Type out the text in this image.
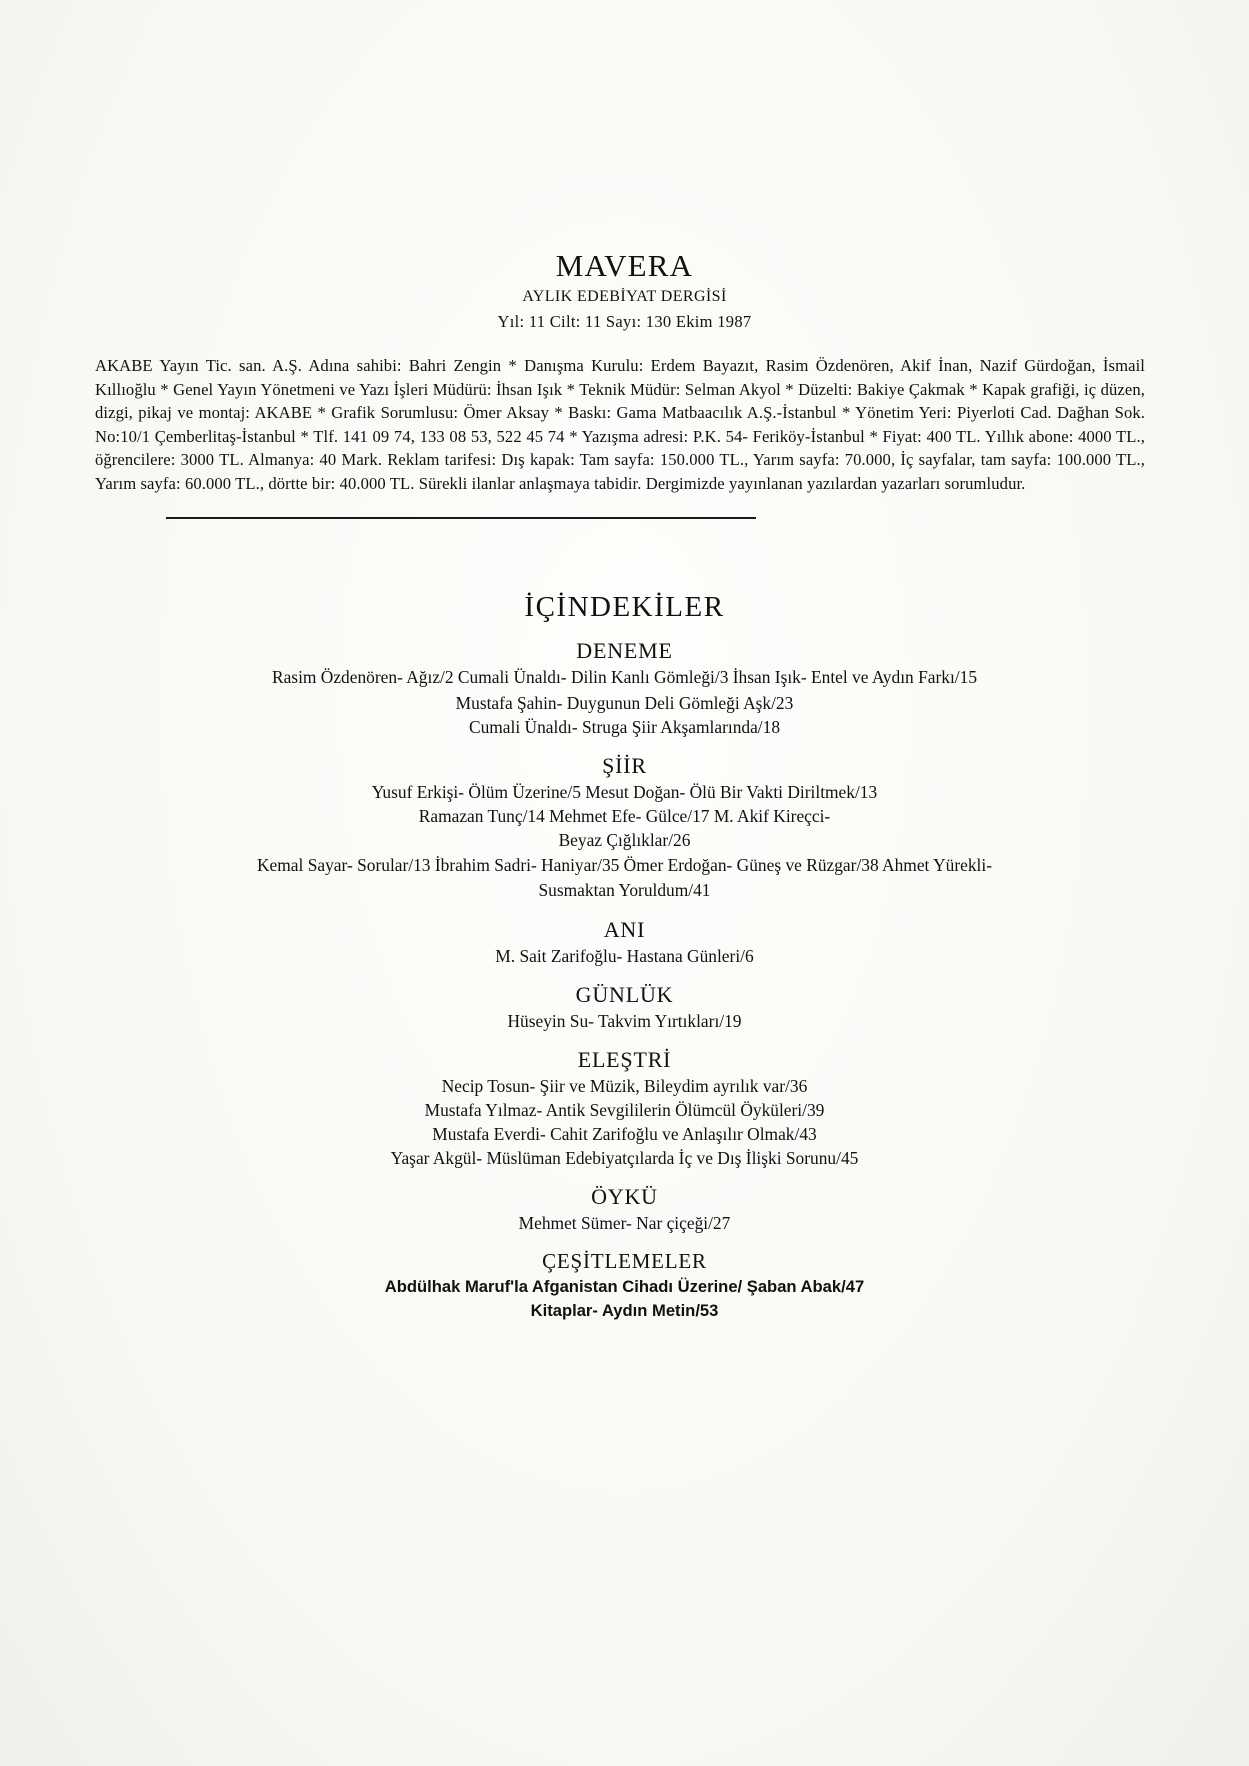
MAVERA
AYLIK EDEBİYAT DERGİSİ
Yıl: 11 Cilt: 11 Sayı: 130 Ekim 1987
AKABE Yayın Tic. san. A.Ş. Adına sahibi: Bahri Zengin * Danışma Kurulu: Erdem Bayazıt, Rasim Özdenören, Akif İnan, Nazif Gürdoğan, İsmail Kıllıoğlu * Genel Yayın Yönetmeni ve Yazı İşleri Müdürü: İhsan Işık * Teknik Müdür: Selman Akyol * Düzelti: Bakiye Çakmak * Kapak grafiği, iç düzen, dizgi, pikaj ve montaj: AKABE * Grafik Sorumlusu: Ömer Aksay * Baskı: Gama Matbaacılık A.Ş.-İstanbul * Yönetim Yeri: Piyerloti Cad. Dağhan Sok. No:10/1 Çemberlitaş-İstanbul * Tlf. 141 09 74, 133 08 53, 522 45 74 * Yazışma adresi: P.K. 54- Feriköy-İstanbul * Fiyat: 400 TL. Yıllık abone: 4000 TL., öğrencilere: 3000 TL. Almanya: 40 Mark. Reklam tarifesi: Dış kapak: Tam sayfa: 150.000 TL., Yarım sayfa: 70.000, İç sayfalar, tam sayfa: 100.000 TL., Yarım sayfa: 60.000 TL., dörtte bir: 40.000 TL. Sürekli ilanlar anlaşmaya tabidir. Dergimizde yayınlanan yazılardan yazarları sorumludur.
İÇİNDEKİLER
DENEME
Rasim Özdenören- Ağız/2 Cumali Ünaldı- Dilin Kanlı Gömleği/3 İhsan Işık- Entel ve Aydın Farkı/15
Mustafa Şahin- Duygunun Deli Gömleği Aşk/23
Cumali Ünaldı- Struga Şiir Akşamlarında/18
ŞİİR
Yusuf Erkişi- Ölüm Üzerine/5 Mesut Doğan- Ölü Bir Vakti Diriltmek/13
Ramazan Tunç/14 Mehmet Efe- Gülce/17 M. Akif Kireçci-
Beyaz Çığlıklar/26
Kemal Sayar- Sorular/13 İbrahim Sadri- Haniyar/35 Ömer Erdoğan- Güneş ve Rüzgar/38 Ahmet Yürekli-
Susmaktan Yoruldum/41
ANI
M. Sait Zarifoğlu- Hastana Günleri/6
GÜNLÜK
Hüseyin Su- Takvim Yırtıkları/19
ELEŞTRİ
Necip Tosun- Şiir ve Müzik, Bileydim ayrılık var/36
Mustafa Yılmaz- Antik Sevgililerin Ölümcül Öyküleri/39
Mustafa Everdi- Cahit Zarifoğlu ve Anlaşılır Olmak/43
Yaşar Akgül- Müslüman Edebiyatçılarda İç ve Dış İlişki Sorunu/45
ÖYKÜ
Mehmet Sümer- Nar çiçeği/27
ÇEŞİTLEMELER
Abdülhak Maruf'la Afganistan Cihadı Üzerine/ Şaban Abak/47
Kitaplar- Aydın Metin/53
